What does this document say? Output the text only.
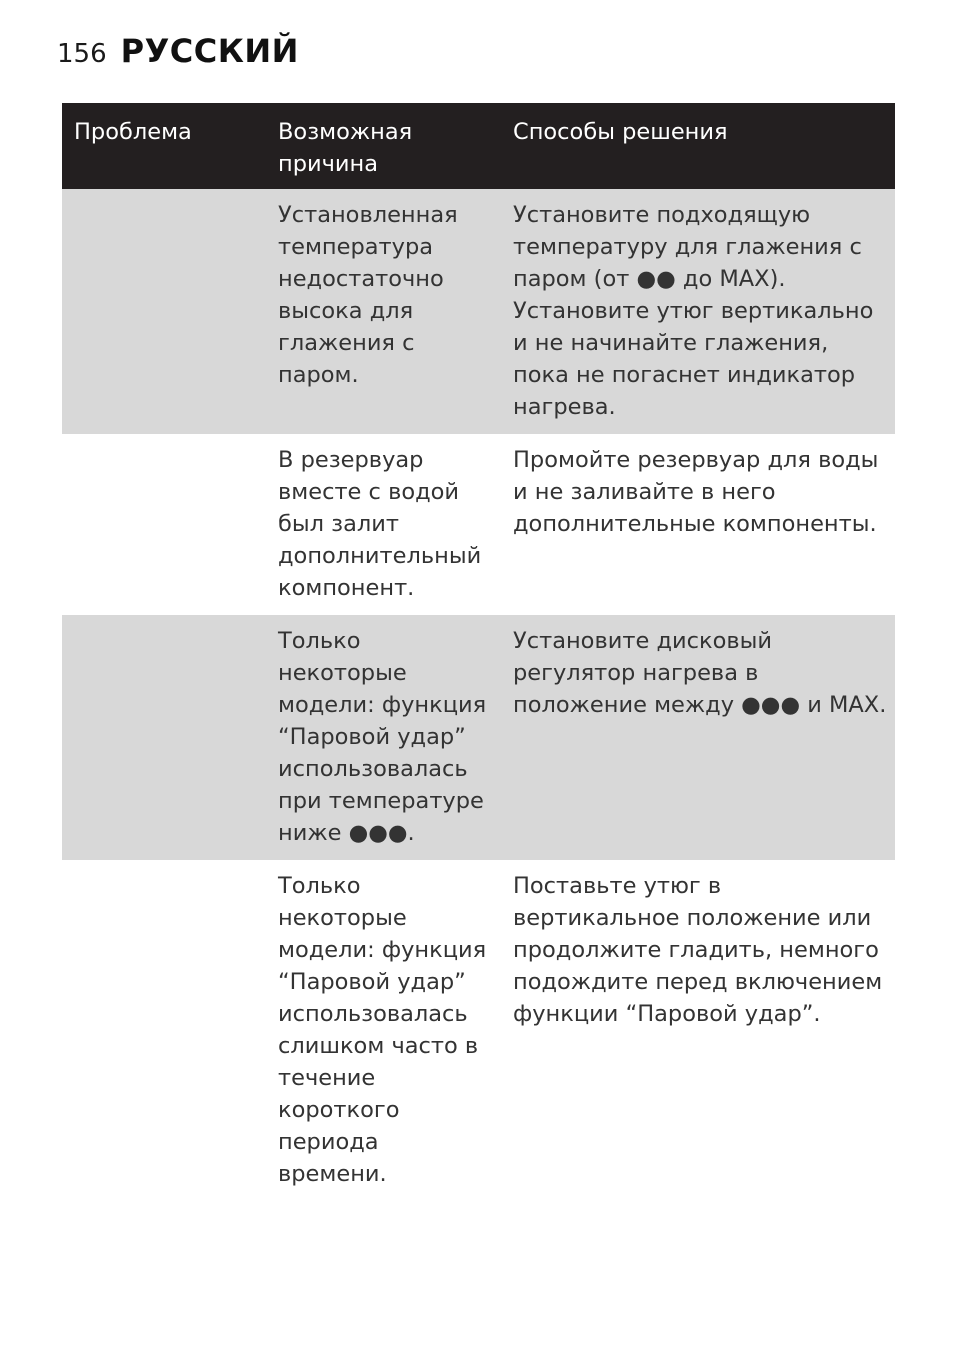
156 РУССКИЙ
Проблема	Возможная причина	Способы решения
	Установленная температура недостаточно высока для глажения с паром.	Установите подходящую температуру для глажения с паром (от ●● до MAX). Установите утюг вертикально и не начинайте глажения, пока не погаснет индикатор нагрева.
	В резервуар вместе с водой был залит дополнительный компонент.	Промойте резервуар для воды и не заливайте в него дополнительные компоненты.
	Только некоторые модели: функция “Паровой удар” использовалась при температуре ниже ●●●.	Установите дисковый регулятор нагрева в положение между ●●● и MAX.
	Только некоторые модели: функция “Паровой удар” использовалась слишком часто в течение короткого периода времени.	Поставьте утюг в вертикальное положение или продолжите гладить, немного подождите перед включением функции “Паровой удар”.
